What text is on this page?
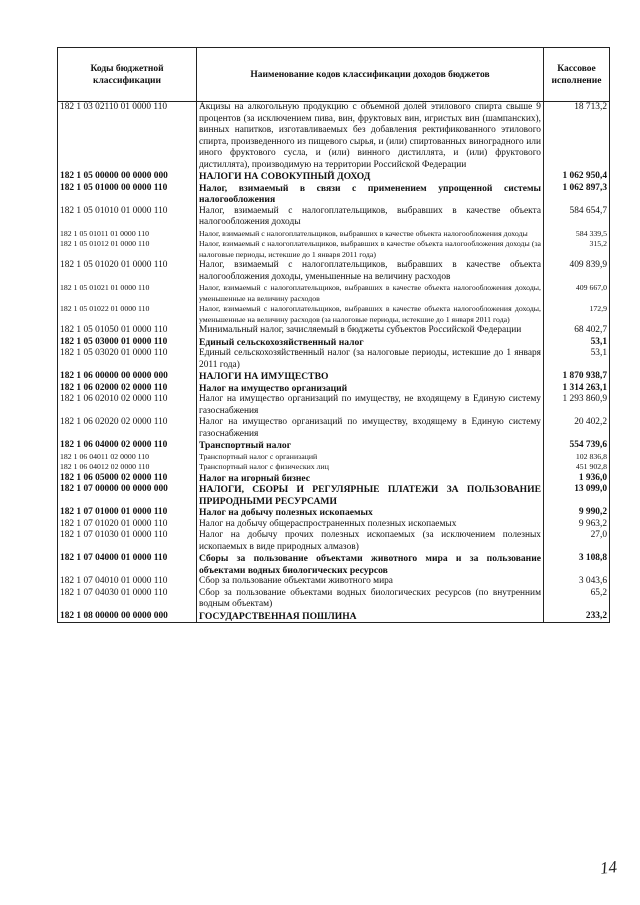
Коды бюджетной классификации	Наименование кодов классификации доходов бюджетов	Кассовое исполнение
182 1 03 02110 01 0000 110	Акцизы на алкогольную продукцию с объемной долей этилового спирта свыше 9 процентов (за исключением пива, вин, фруктовых вин, игристых вин (шампанских), винных напитков, изготавливаемых без добавления ректификованного этилового спирта, произведенного из пищевого сырья, и (или) спиртованных виноградного или иного фруктового сусла, и (или) винного дистиллята, и (или) фруктового дистиллята), производимую на территории Российской Федерации	18 713,2
182 1 05 00000 00 0000 000	НАЛОГИ НА СОВОКУПНЫЙ ДОХОД	1 062 950,4
182 1 05 01000 00 0000 110	Налог, взимаемый в связи с применением упрощенной системы налогообложения	1 062 897,3
182 1 05 01010 01 0000 110	Налог, взимаемый с налогоплательщиков, выбравших в качестве объекта налогообложения доходы	584 654,7
182 1 05 01011 01 0000 110	Налог, взимаемый с налогоплательщиков, выбравших в качестве объекта налогообложения доходы	584 339,5
182 1 05 01012 01 0000 110	Налог, взимаемый с налогоплательщиков, выбравших в качестве объекта налогообложения доходы (за налоговые периоды, истекшие до 1 января 2011 года)	315,2
182 1 05 01020 01 0000 110	Налог, взимаемый с налогоплательщиков, выбравших в качестве объекта налогообложения доходы, уменьшенные на величину расходов	409 839,9
182 1 05 01021 01 0000 110	Налог, взимаемый с налогоплательщиков, выбравших в качестве объекта налогообложения доходы, уменьшенные на величину расходов	409 667,0
182 1 05 01022 01 0000 110	Налог, взимаемый с налогоплательщиков, выбравших в качестве объекта налогообложения доходы, уменьшенные на величину расходов (за налоговые периоды, истекшие до 1 января 2011 года)	172,9
182 1 05 01050 01 0000 110	Минимальный налог, зачисляемый в бюджеты субъектов Российской Федерации	68 402,7
182 1 05 03000 01 0000 110	Единый сельскохозяйственный налог	53,1
182 1 05 03020 01 0000 110	Единый сельскохозяйственный налог (за налоговые периоды, истекшие до 1 января 2011 года)	53,1
182 1 06 00000 00 0000 000	НАЛОГИ НА ИМУЩЕСТВО	1 870 938,7
182 1 06 02000 02 0000 110	Налог на имущество организаций	1 314 263,1
182 1 06 02010 02 0000 110	Налог на имущество организаций по имуществу, не входящему в Единую систему газоснабжения	1 293 860,9
182 1 06 02020 02 0000 110	Налог на имущество организаций по имуществу, входящему в Единую систему газоснабжения	20 402,2
182 1 06 04000 02 0000 110	Транспортный налог	554 739,6
182 1 06 04011 02 0000 110	Транспортный налог с организаций	102 836,8
182 1 06 04012 02 0000 110	Транспортный налог с физических лиц	451 902,8
182 1 06 05000 02 0000 110	Налог на игорный бизнес	1 936,0
182 1 07 00000 00 0000 000	НАЛОГИ, СБОРЫ И РЕГУЛЯРНЫЕ ПЛАТЕЖИ ЗА ПОЛЬЗОВАНИЕ ПРИРОДНЫМИ РЕСУРСАМИ	13 099,0
182 1 07 01000 01 0000 110	Налог на добычу полезных ископаемых	9 990,2
182 1 07 01020 01 0000 110	Налог на добычу общераспространенных полезных ископаемых	9 963,2
182 1 07 01030 01 0000 110	Налог на добычу прочих полезных ископаемых (за исключением полезных ископаемых в виде природных алмазов)	27,0
182 1 07 04000 01 0000 110	Сборы за пользование объектами животного мира и за пользование объектами водных биологических ресурсов	3 108,8
182 1 07 04010 01 0000 110	Сбор за пользование объектами животного мира	3 043,6
182 1 07 04030 01 0000 110	Сбор за пользование объектами водных биологических ресурсов (по внутренним водным объектам)	65,2
182 1 08 00000 00 0000 000	ГОСУДАРСТВЕННАЯ ПОШЛИНА	233,2
14
